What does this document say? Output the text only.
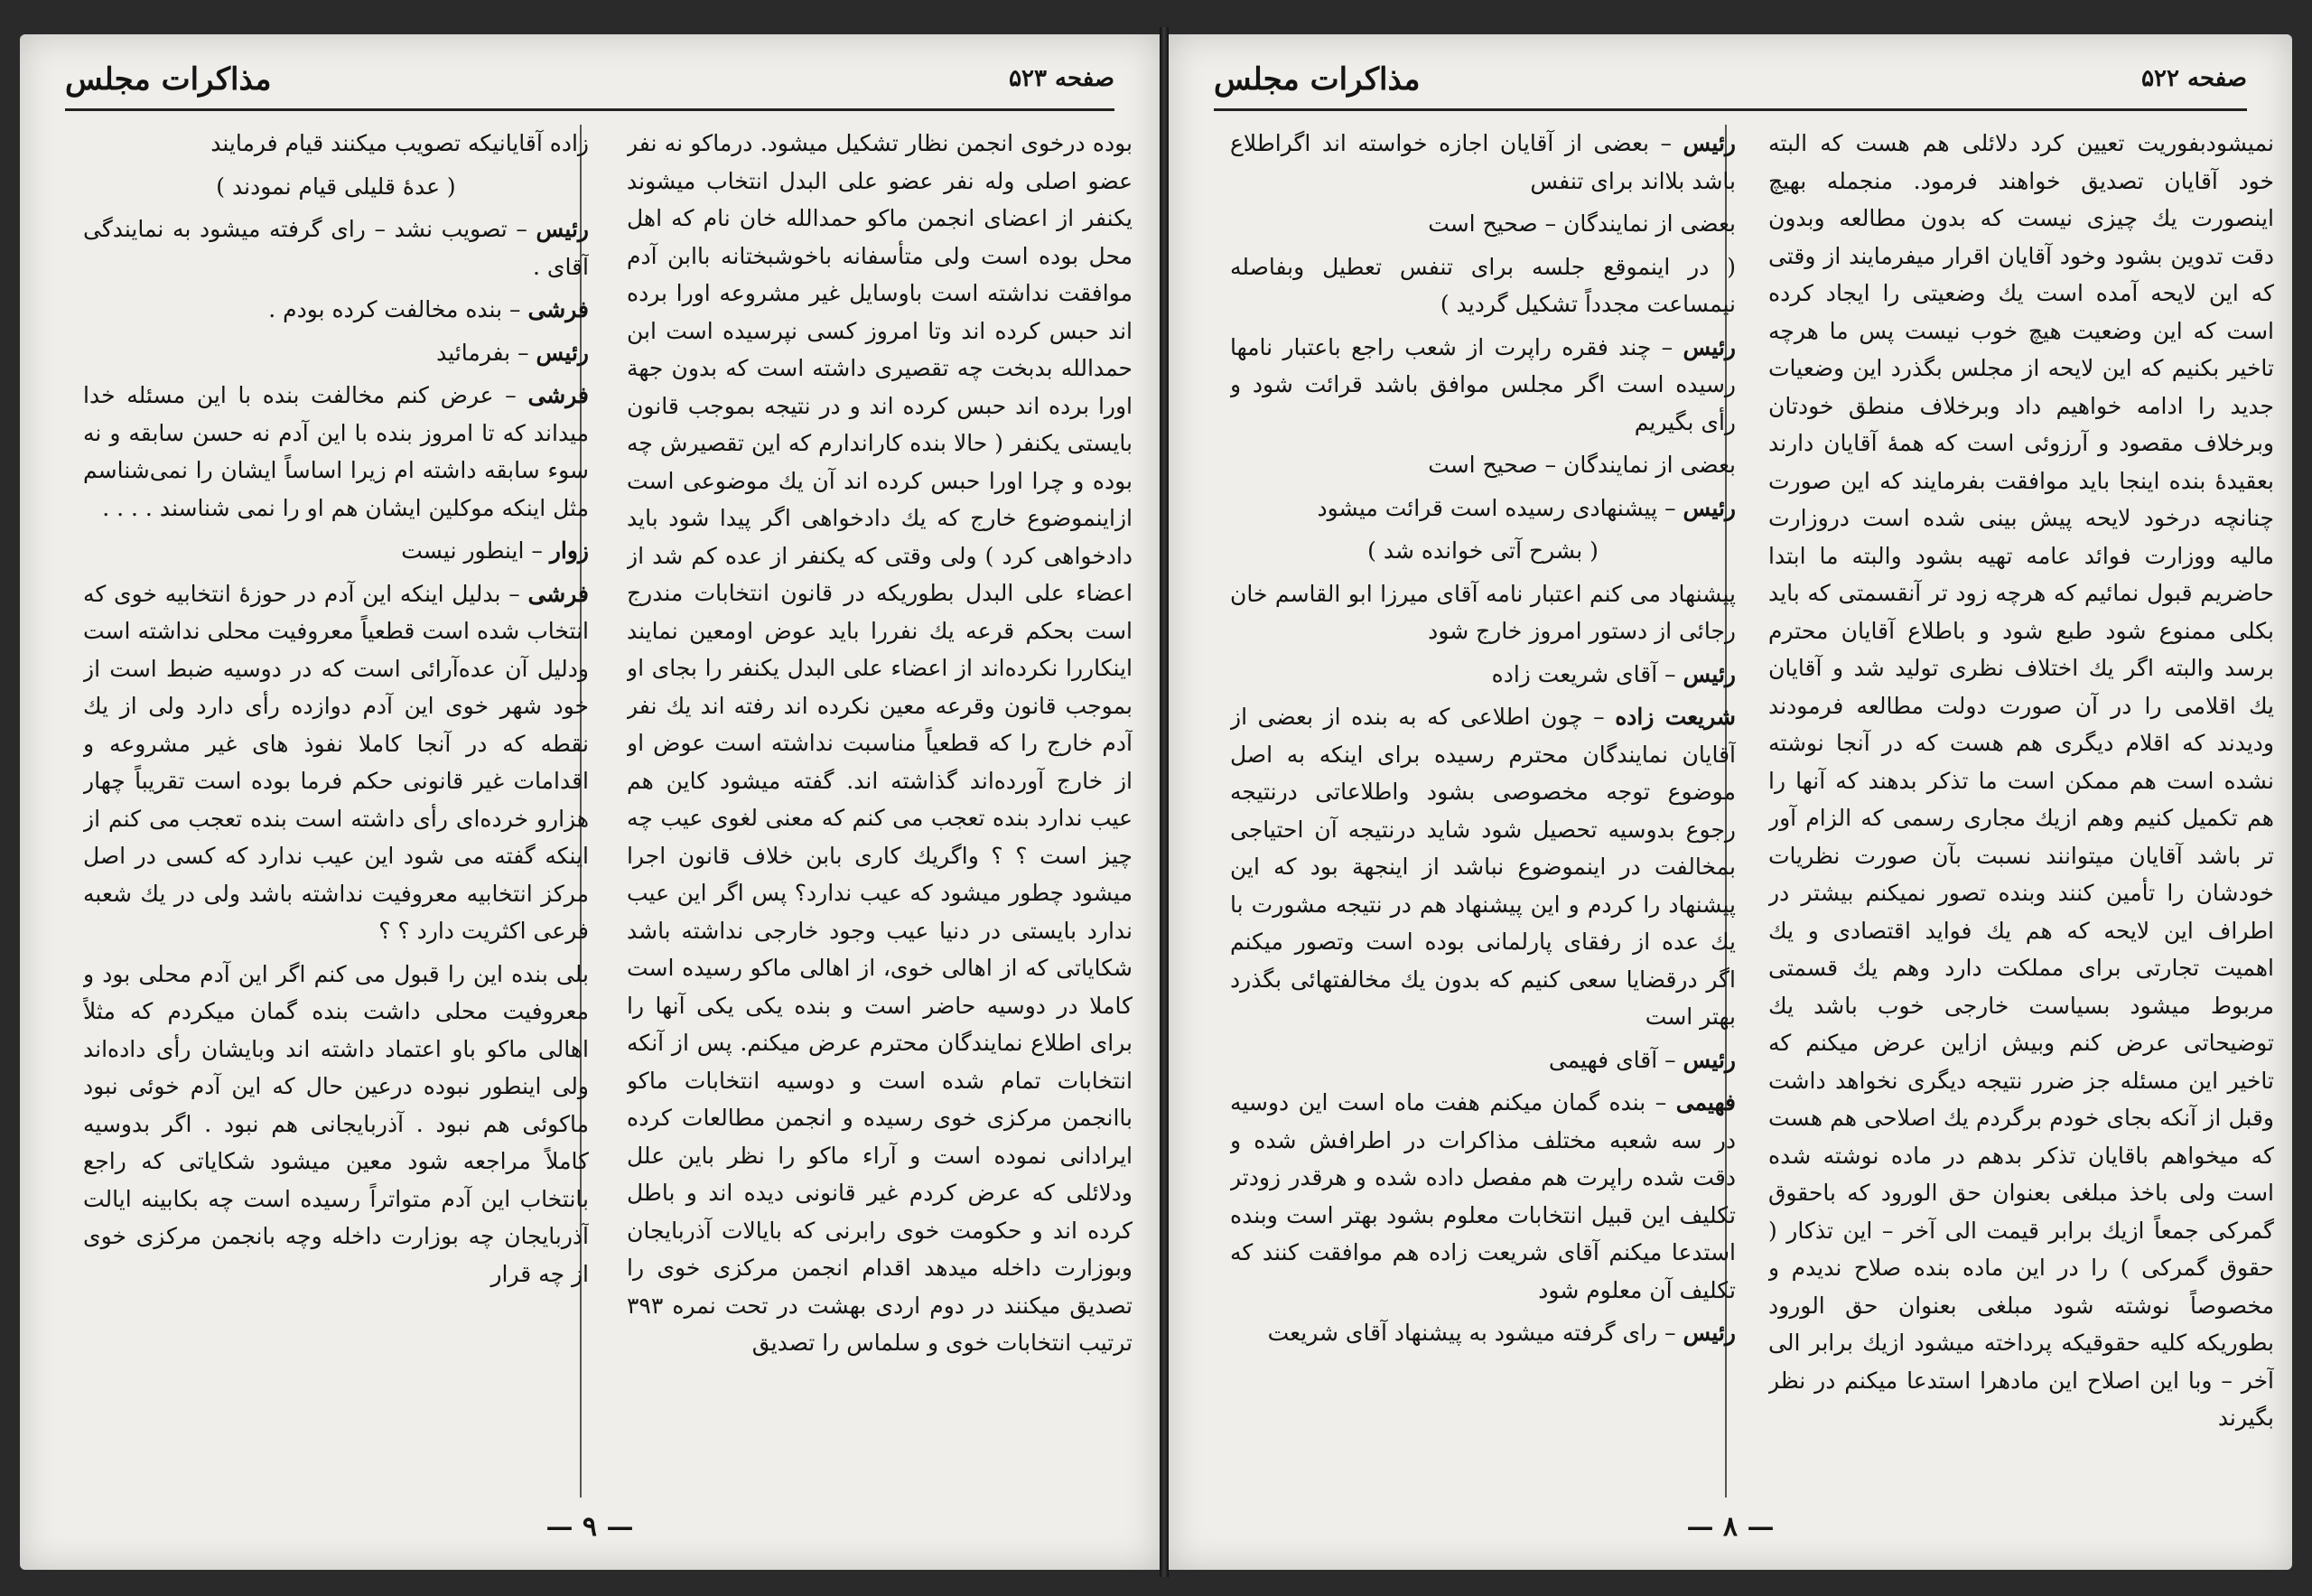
مذاکرات مجلس	صفحه ۵۲۳

بوده درخوی انجمن نظار تشکیل میشود. درماکو نه نفر عضو اصلی وله نفر عضو علی البدل انتخاب میشوند یکنفر از اعضای انجمن ماکو حمدالله خان نام که اهل محل بوده است ولی متأسفانه باخوشبختانه باابن آدم موافقت نداشته است باوسایل غیر مشروعه اورا برده اند حبس کرده اند وتا امروز کسی نپرسیده است ابن حمدالله بدبخت چه تقصیری داشته است که بدون جهة اورا برده اند حبس کرده اند و در نتیجه بموجب قانون بایستی یکنفر ( حالا بنده کاراندارم که این تقصیرش چه بوده و چرا اورا حبس کرده اند آن یك موضوعی است ازاینموضوع خارج که یك دادخواهی اگر پیدا شود باید دادخواهی کرد ) ولی وقتی که یکنفر از عده کم شد از اعضاء علی البدل بطوریکه در قانون انتخابات مندرج است بحکم قرعه یك نفررا باید عوض اومعین نمایند اینکاررا نکرده‌اند از اعضاء علی البدل یکنفر را بجای او بموجب قانون وقرعه معین نکرده اند رفته اند یك نفر آدم خارج را که قطعیاً مناسبت نداشته است عوض او از خارج آورده‌اند گذاشته اند. گفته میشود کاین هم عیب ندارد بنده تعجب می کنم که معنی لغوی عیب چه چیز است ؟ ؟ واگریك کاری بابن خلاف قانون اجرا میشود چطور میشود که عیب ندارد؟ پس اگر این عیب ندارد بایستی در دنیا عیب وجود خارجی نداشته باشد شکایاتی که از اهالی خوی، از اهالی ماکو رسیده است کاملا در دوسیه حاضر است و بنده یکی یکی آنها را برای اطلاع نمایندگان محترم عرض میکنم. پس از آنکه انتخابات تمام شده است و دوسیه انتخابات ماکو باانجمن مرکزی خوی رسیده و انجمن مطالعات کرده ایرادانی نموده است و آراء ماکو را نظر باین علل ودلائلی که عرض کردم غیر قانونی دیده اند و باطل کرده اند و حکومت خوی رابرنی که بایالات آذربایجان وبوزارت داخله میدهد اقدام انجمن مرکزی خوی را تصدیق میکنند در دوم اردی بهشت در تحت نمره ۳۹۳ ترتیب انتخابات خوی و سلماس را تصدیق

زاده آقایانیکه تصویب میکنند قیام فرمایند

( عدهٔ قلیلی قیام نمودند )

رئیس – تصویب نشد – رای گرفته میشود به نمایندگی آقای .

فرشی – بنده مخالفت کرده بودم .

رئیس – بفرمائید

فرشی – عرض کنم مخالفت بنده با این مسئله خدا میداند که تا امروز بنده با این آدم نه حسن سابقه و نه سوء سابقه داشته ام زیرا اساساً ایشان را نمی‌شناسم مثل اینکه موکلین ایشان هم او را نمی شناسند . . . .

زوار – اینطور نیست

فرشی – بدلیل اینکه این آدم در حوزهٔ انتخابیه خوی که انتخاب شده است قطعیاً معروفیت محلی نداشته است ودلیل آن عده‌آرائی است که در دوسیه ضبط است از خود شهر خوی این آدم دوازده رأی دارد ولی از یك نقطه که در آنجا کاملا نفوذ های غیر مشروعه و اقدامات غیر قانونی حکم فرما بوده است تقریباً چهار هزارو خرده‌ای رأی داشته است بنده تعجب می کنم از اینکه گفته می شود این عیب ندارد که کسی در اصل مرکز انتخابیه معروفیت نداشته باشد ولی در یك شعبه فرعی اکثریت دارد ؟ ؟

بلی بنده این را قبول می کنم اگر این آدم محلی بود و معروفیت محلی داشت بنده گمان میکردم که مثلاً اهالی ماکو باو اعتماد داشته اند وبایشان رأی داده‌اند ولی اینطور نبوده درعین حال که این آدم خوئی نبود ماکوئی هم نبود . آذربایجانی هم نبود . اگر بدوسیه کاملاً مراجعه شود معین میشود شکایاتی که راجع بانتخاب این آدم متواتراً رسیده است چه بکابینه ایالت آذربایجان چه بوزارت داخله وچه بانجمن مرکزی خوی از چه قرار

— ۹ —
مذاکرات مجلس	صفحه ۵۲۲

نمیشودبفوریت تعیین کرد دلائلی هم هست که البته خود آقایان تصدیق خواهند فرمود. منجمله بهیچ اینصورت یك چیزی نیست که بدون مطالعه وبدون دقت تدوین بشود وخود آقایان اقرار میفرمایند از وقتی که این لایحه آمده است یك وضعیتی را ایجاد کرده است که این وضعیت هیچ خوب نیست پس ما هرچه تاخیر بکنیم که این لایحه از مجلس بگذرد این وضعیات جدید را ادامه خواهیم داد وبرخلاف منطق خودتان وبرخلاف مقصود و آرزوئی است که همهٔ آقایان دارند بعقیدهٔ بنده اینجا باید موافقت بفرمایند که این صورت چنانچه درخود لایحه پیش بینی شده است دروزارت مالیه ووزارت فوائد عامه تهیه بشود والبته ما ابتدا حاضریم قبول نمائیم که هرچه زود تر آنقسمتی که باید بکلی ممنوع شود طبع شود و باطلاع آقایان محترم برسد والبته اگر یك اختلاف نظری تولید شد و آقایان یك اقلامی را در آن صورت دولت مطالعه فرمودند ودیدند که اقلام دیگری هم هست که در آنجا نوشته نشده است هم ممکن است ما تذکر بدهند که آنها را هم تکمیل کنیم وهم ازیك مجاری رسمی که الزام آور تر باشد آقایان میتوانند نسبت بآن صورت نظریات خودشان را تأمین کنند وبنده تصور نمیکنم بیشتر در اطراف این لایحه که هم یك فواید اقتصادی و یك اهمیت تجارتی برای مملکت دارد وهم یك قسمتی مربوط میشود بسیاست خارجی خوب باشد یك توضیحاتی عرض کنم وبیش ازاین عرض میکنم که تاخیر این مسئله جز ضرر نتیجه دیگری نخواهد داشت وقبل از آنکه بجای خودم برگردم یك اصلاحی هم هست که میخواهم باقایان تذکر بدهم در ماده نوشته شده است ولی باخذ مبلغی بعنوان حق الورود که باحقوق گمرکی جمعاً ازیك برابر قیمت الی آخر – این تذکار ( حقوق گمرکی ) را در این ماده بنده صلاح ندیدم و مخصوصاً نوشته شود مبلغی بعنوان حق الورود بطوریکه کلیه حقوقیکه پرداخته میشود ازیك برابر الی آخر – وبا این اصلاح این مادهرا استدعا میکنم در نظر بگیرند

رئیس – بعضی از آقایان اجازه خواسته اند اگراطلاع باشد بلااند برای تنفس

بعضی از نمایندگان – صحیح است

( در اینموقع جلسه برای تنفس تعطیل وبفاصله نیمساعت مجدداً تشکیل گردید )

رئیس – چند فقره راپرت از شعب راجع باعتبار نامها رسیده است اگر مجلس موافق باشد قرائت شود و رأی بگیریم

بعضی از نمایندگان – صحیح است

رئیس – پیشنهادی رسیده است قرائت میشود

( بشرح آتی خوانده شد )

پیشنهاد می کنم اعتبار نامه آقای میرزا ابو القاسم خان رجائی از دستور امروز خارج شود

رئیس – آقای شریعت زاده

شریعت زاده – چون اطلاعی که به بنده از بعضی از آقایان نمایندگان محترم رسیده برای اینکه به اصل موضوع توجه مخصوصی بشود واطلاعاتی درنتیجه رجوع بدوسیه تحصیل شود شاید درنتیجه آن احتیاجی بمخالفت در اینموضوع نباشد از اینجهة بود که این پیشنهاد را کردم و این پیشنهاد هم در نتیجه مشورت با یك عده از رفقای پارلمانی بوده است وتصور میکنم اگر درقضایا سعی کنیم که بدون یك مخالفتهائی بگذرد بهتر است

رئیس – آقای فهیمی

فهیمی – بنده گمان میکنم هفت ماه است این دوسیه در سه شعبه مختلف مذاکرات در اطرافش شده و دقت شده راپرت هم مفصل داده شده و هرقدر زودتر تکلیف این قبیل انتخابات معلوم بشود بهتر است وبنده استدعا میکنم آقای شریعت زاده هم موافقت کنند که تکلیف آن معلوم شود

رئیس – رای گرفته میشود به پیشنهاد آقای شریعت

— ۸ —
